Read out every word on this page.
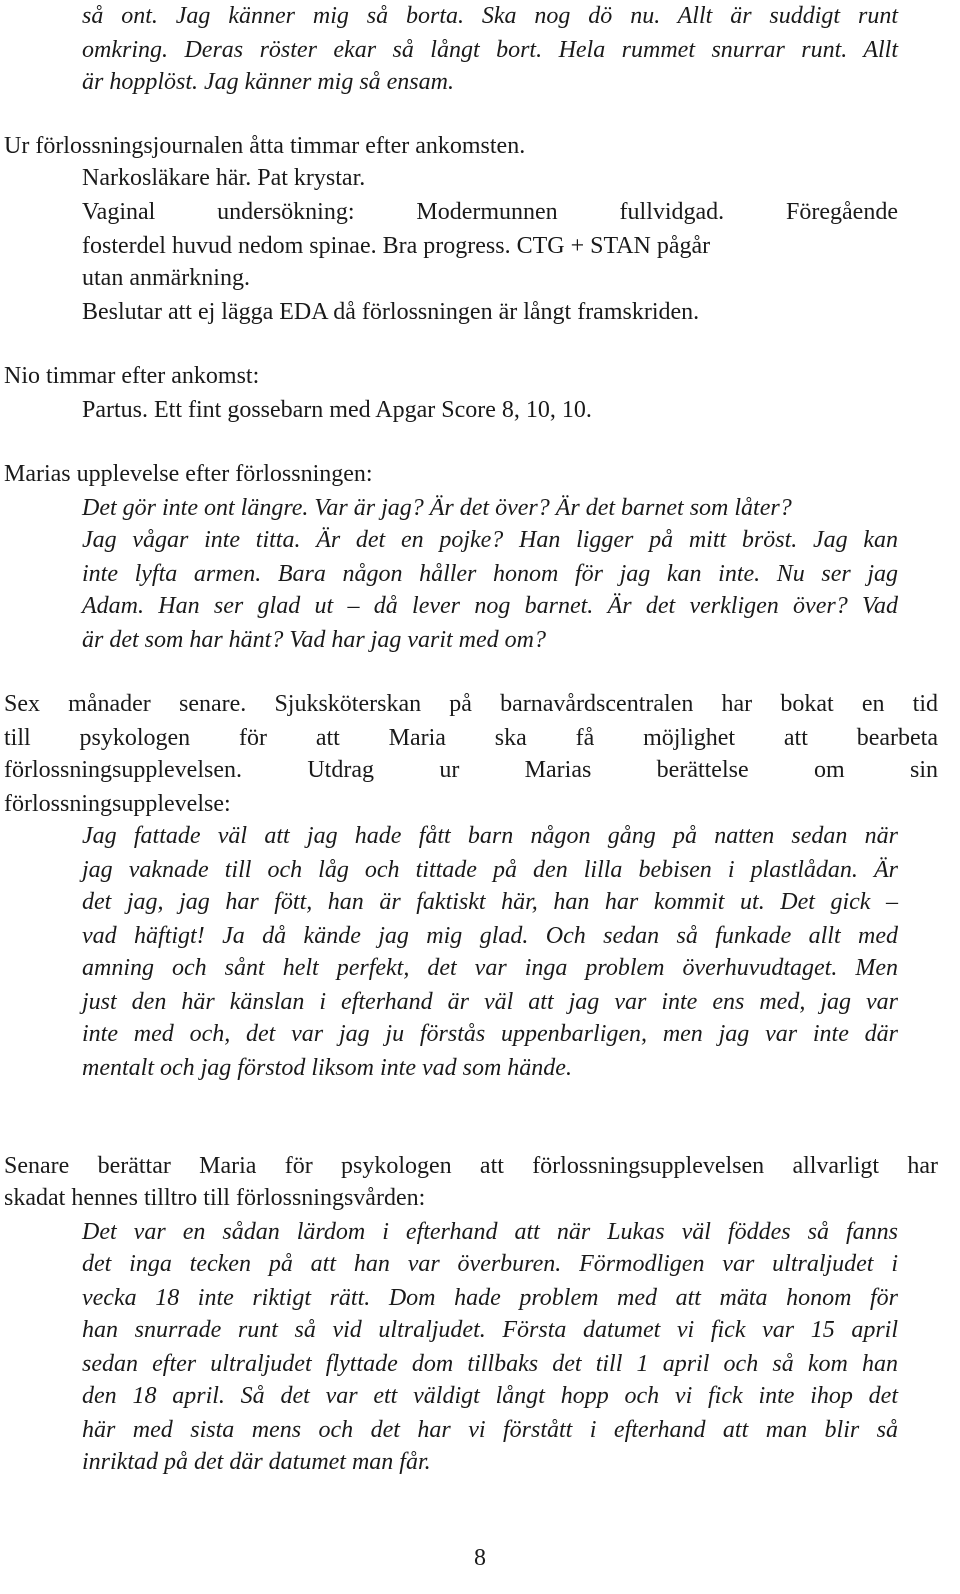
så ont. Jag känner mig så borta. Ska nog dö nu. Allt är suddigt runt
omkring. Deras röster ekar så långt bort. Hela rummet snurrar runt. Allt
är hopplöst. Jag känner mig så ensam.
Ur förlossningsjournalen åtta timmar efter ankomsten.
Narkosläkare här. Pat krystar.
Vaginal undersökning: Modermunnen fullvidgad. Föregående
fosterdel huvud nedom spinae. Bra progress. CTG + STAN pågår
utan anmärkning.
Beslutar att ej lägga EDA då förlossningen är långt framskriden.
Nio timmar efter ankomst:
Partus. Ett fint gossebarn med Apgar Score 8, 10, 10.
Marias upplevelse efter förlossningen:
Det gör inte ont längre. Var är jag? Är det över? Är det barnet som låter?
Jag vågar inte titta. Är det en pojke? Han ligger på mitt bröst. Jag kan
inte lyfta armen. Bara någon håller honom för jag kan inte. Nu ser jag
Adam. Han ser glad ut – då lever nog barnet. Är det verkligen över? Vad
är det som har hänt? Vad har jag varit med om?
Sex månader senare. Sjuksköterskan på barnavårdscentralen har bokat en tid
till psykologen för att Maria ska få möjlighet att bearbeta
förlossningsupplevelsen. Utdrag ur Marias berättelse om sin
förlossningsupplevelse:
Jag fattade väl att jag hade fått barn någon gång på natten sedan när
jag vaknade till och låg och tittade på den lilla bebisen i plastlådan. Är
det jag, jag har fött, han är faktiskt här, han har kommit ut. Det gick –
vad häftigt! Ja då kände jag mig glad. Och sedan så funkade allt med
amning och sånt helt perfekt, det var inga problem överhuvudtaget. Men
just den här känslan i efterhand är väl att jag var inte ens med, jag var
inte med och, det var jag ju förstås uppenbarligen, men jag var inte där
mentalt och jag förstod liksom inte vad som hände.
Senare berättar Maria för psykologen att förlossningsupplevelsen allvarligt har
skadat hennes tilltro till förlossningsvården:
Det var en sådan lärdom i efterhand att när Lukas väl föddes så fanns
det inga tecken på att han var överburen. Förmodligen var ultraljudet i
vecka 18 inte riktigt rätt. Dom hade problem med att mäta honom för
han snurrade runt så vid ultraljudet. Första datumet vi fick var 15 april
sedan efter ultraljudet flyttade dom tillbaks det till 1 april och så kom han
den 18 april. Så det var ett väldigt långt hopp och vi fick inte ihop det
här med sista mens och det har vi förstått i efterhand att man blir så
inriktad på det där datumet man får.
8
